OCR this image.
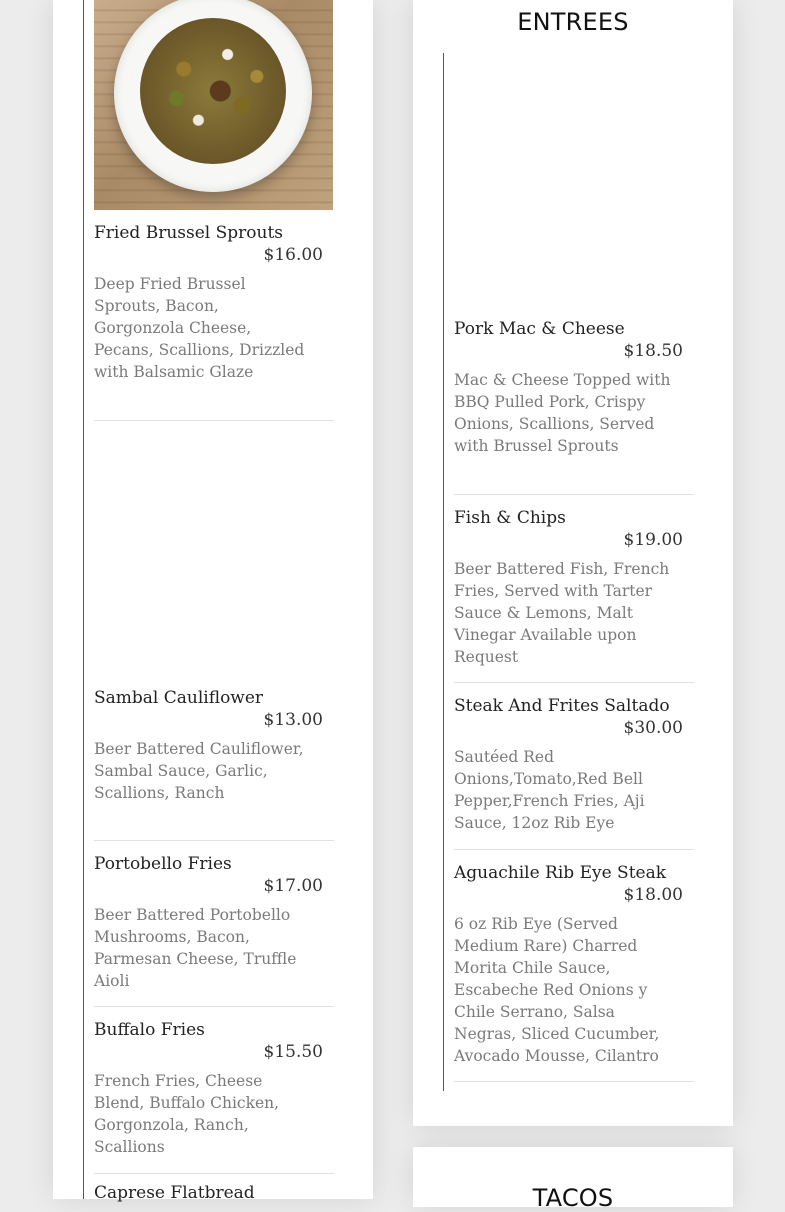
Fried Brussel Sprouts
$16.00
Deep Fried Brussel Sprouts, Bacon, Gorgonzola Cheese, Pecans, Scallions, Drizzled with Balsamic Glaze
Sambal Cauliflower
$13.00
Beer Battered Cauliflower, Sambal Sauce, Garlic, Scallions, Ranch
Portobello Fries
$17.00
Beer Battered Portobello Mushrooms, Bacon, Parmesan Cheese, Truffle Aioli
Buffalo Fries
$15.50
French Fries, Cheese Blend, Buffalo Chicken, Gorgonzola, Ranch, Scallions
Caprese Flatbread
ENTREES
Pork Mac & Cheese
$18.50
Mac & Cheese Topped with BBQ Pulled Pork, Crispy Onions, Scallions, Served with Brussel Sprouts
Fish & Chips
$19.00
Beer Battered Fish, French Fries, Served with Tarter Sauce & Lemons, Malt Vinegar Available upon Request
Steak And Frites Saltado
$30.00
Sautéed Red Onions,Tomato,Red Bell Pepper,French Fries, Aji Sauce, 12oz Rib Eye
Aguachile Rib Eye Steak
$18.00
6 oz Rib Eye (Served Medium Rare) Charred Morita Chile Sauce, Escabeche Red Onions y Chile Serrano, Salsa Negras, Sliced Cucumber, Avocado Mousse, Cilantro
TACOS
